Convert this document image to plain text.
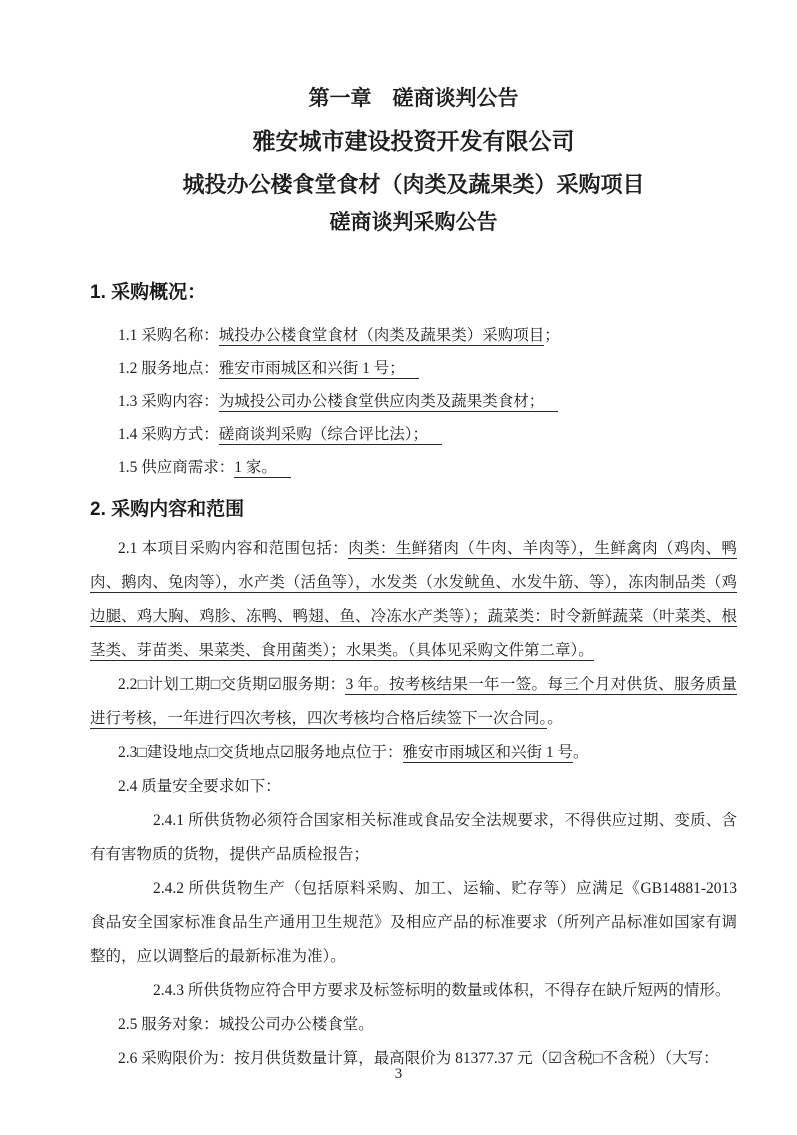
第一章　磋商谈判公告
雅安城市建设投资开发有限公司
城投办公楼食堂食材（肉类及蔬果类）采购项目
磋商谈判采购公告
1. 采购概况：
1.1 采购名称：城投办公楼食堂食材（肉类及蔬果类）采购项目；
1.2 服务地点：雅安市雨城区和兴街 1 号；
1.3 采购内容：为城投公司办公楼食堂供应肉类及蔬果类食材；
1.4 采购方式：磋商谈判采购（综合评比法）；
1.5 供应商需求：1 家。
2. 采购内容和范围

2.1 本项目采购内容和范围包括：肉类：生鲜猪肉（牛肉、羊肉等），生鲜禽肉（鸡肉、鸭肉、鹅肉、兔肉等），水产类（活鱼等），水发类（水发鱿鱼、水发牛筋、等），冻肉制品类（鸡边腿、鸡大胸、鸡胗、冻鸭、鸭翅、鱼、冷冻水产类等）；蔬菜类：时令新鲜蔬菜（叶菜类、根茎类、芽苗类、果菜类、食用菌类）；水果类。（具体见采购文件第二章）。

2.2□计划工期□交货期☑服务期：3 年。按考核结果一年一签。每三个月对供货、服务质量进行考核，一年进行四次考核，四次考核均合格后续签下一次合同。。

2.3□建设地点□交货地点☑服务地点位于：雅安市雨城区和兴街 1 号。

2.4 质量安全要求如下：

2.4.1 所供货物必须符合国家相关标准或食品安全法规要求，不得供应过期、变质、含有有害物质的货物，提供产品质检报告；

2.4.2 所供货物生产（包括原料采购、加工、运输、贮存等）应满足《GB14881-2013 食品安全国家标准食品生产通用卫生规范》及相应产品的标准要求（所列产品标准如国家有调整的，应以调整后的最新标准为准）。

2.4.3 所供货物应符合甲方要求及标签标明的数量或体积，不得存在缺斤短两的情形。

2.5 服务对象：城投公司办公楼食堂。

2.6 采购限价为：按月供货数量计算，最高限价为 81377.37 元（☑含税□不含税）（大写：

3
